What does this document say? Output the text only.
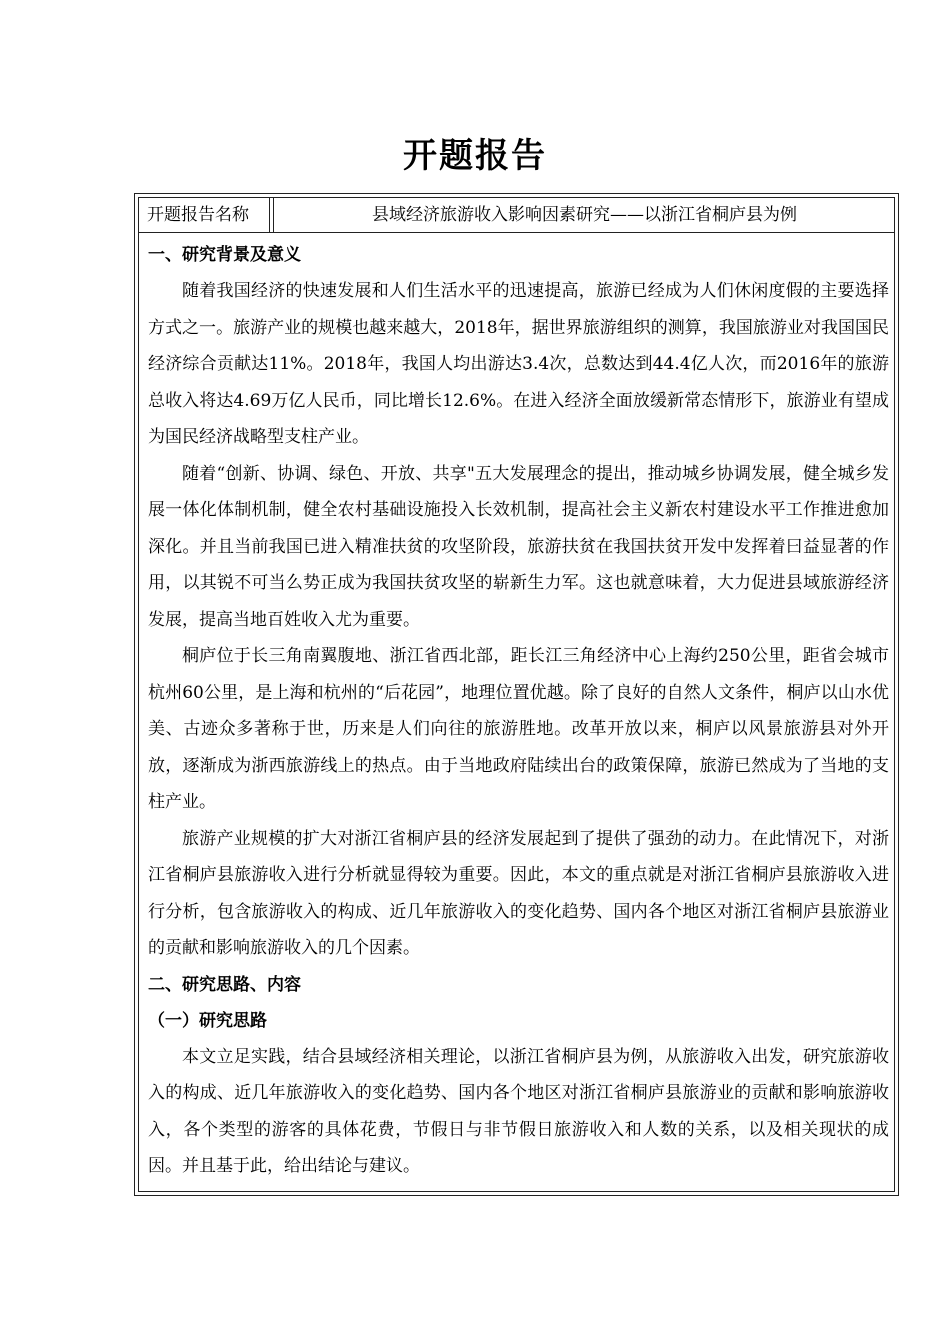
开题报告
开题报告名称	县域经济旅游收入影响因素研究——以浙江省桐庐县为例
一、研究背景及意义

随着我国经济的快速发展和人们生活水平的迅速提高，旅游已经成为人们休闲度假的主要选择方式之一。旅游产业的规模也越来越大，2018年，据世界旅游组织的测算，我国旅游业对我国国民经济综合贡献达11%。2018年，我国人均出游达3.4次，总数达到44.4亿人次，而2016年的旅游总收入将达4.69万亿人民币，同比增长12.6%。在进入经济全面放缓新常态情形下，旅游业有望成为国民经济战略型支柱产业。

随着“创新、协调、绿色、开放、共享"五大发展理念的提出，推动城乡协调发展，健全城乡发展一体化体制机制，健全农村基础设施投入长效机制，提高社会主义新农村建设水平工作推进愈加深化。并且当前我国已进入精准扶贫的攻坚阶段，旅游扶贫在我国扶贫开发中发挥着曰益显著的作用，以其锐不可当么势正成为我国扶贫攻坚的崭新生力军。这也就意味着，大力促进县域旅游经济发展，提高当地百姓收入尤为重要。

桐庐位于长三角南翼腹地、浙江省西北部，距长江三角经济中心上海约250公里，距省会城市杭州60公里，是上海和杭州的“后花园”，地理位置优越。除了良好的自然人文条件，桐庐以山水优美、古迹众多著称于世，历来是人们向往的旅游胜地。改革开放以来，桐庐以风景旅游县对外开放，逐渐成为浙西旅游线上的热点。由于当地政府陆续出台的政策保障，旅游已然成为了当地的支柱产业。

旅游产业规模的扩大对浙江省桐庐县的经济发展起到了提供了强劲的动力。在此情况下，对浙江省桐庐县旅游收入进行分析就显得较为重要。因此，本文的重点就是对浙江省桐庐县旅游收入进行分析，包含旅游收入的构成、近几年旅游收入的变化趋势、国内各个地区对浙江省桐庐县旅游业的贡献和影响旅游收入的几个因素。

二、研究思路、内容
（一）研究思路

本文立足实践，结合县域经济相关理论，以浙江省桐庐县为例，从旅游收入出发，研究旅游收入的构成、近几年旅游收入的变化趋势、国内各个地区对浙江省桐庐县旅游业的贡献和影响旅游收入，各个类型的游客的具体花费，节假日与非节假日旅游收入和人数的关系，以及相关现状的成因。并且基于此，给出结论与建议。
